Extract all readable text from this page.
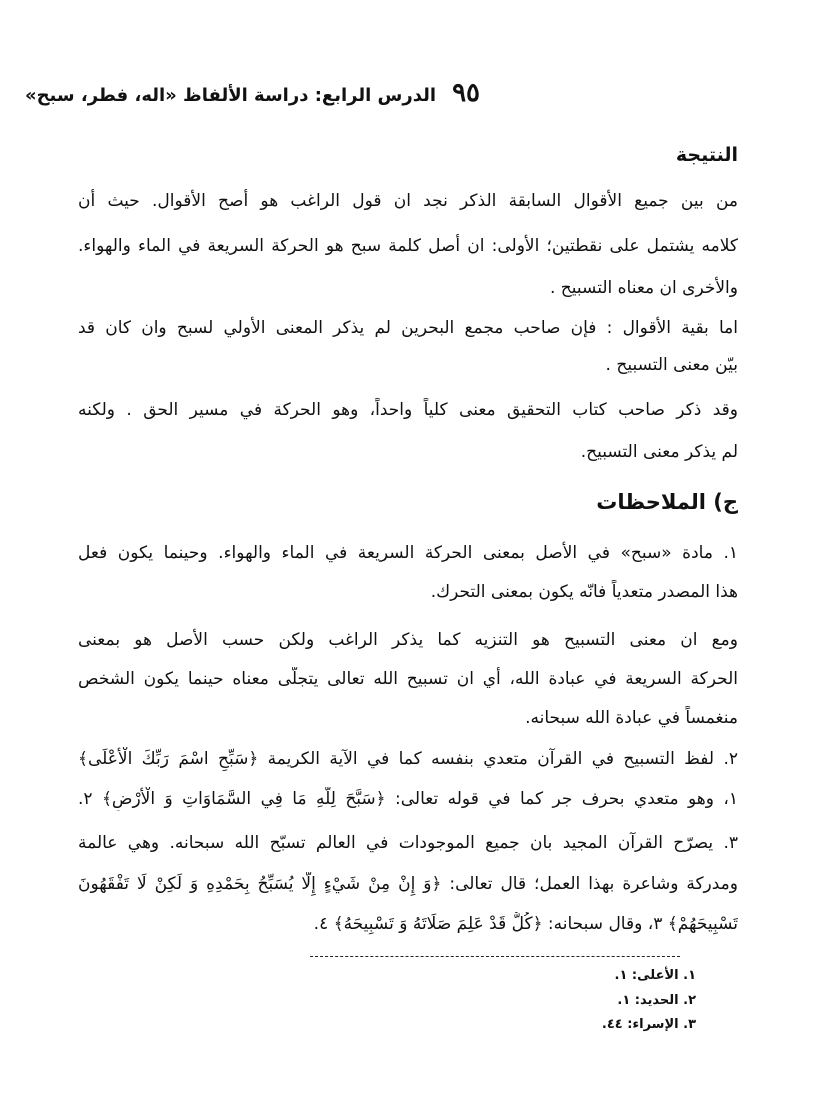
٩٥
الدرس الرابع: دراسة الألفاظ «اله، فطر، سبح»
النتيجة
من بين جميع الأقوال السابقة الذكر نجد ان قول الراغب هو أصح الأقوال. حيث أن
كلامه يشتمل على نقطتين؛ الأولى: ان أصل كلمة سبح هو الحركة السريعة في الماء والهواء.
والأخرى ان معناه التسبيح .
اما بقية الأقوال : فإن صاحب مجمع البحرين لم يذكر المعنى الأولي لسبح وان كان قد
بيّن معنى التسبيح .
وقد ذكر صاحب كتاب التحقيق معنى كلياً واحداً، وهو الحركة في مسير الحق . ولكنه
لم يذكر معنى التسبيح.
ج) الملاحظات
١. مادة «سبح» في الأصل بمعنى الحركة السريعة في الماء والهواء. وحينما يكون فعل
هذا المصدر متعدياً فانّه يكون بمعنى التحرك.
ومع ان معنى التسبيح هو التنزيه كما يذكر الراغب ولكن حسب الأصل هو بمعنى
الحركة السريعة في عبادة الله، أي ان تسبيح الله تعالى يتجلّى معناه حينما يكون الشخص
منغمساً في عبادة الله سبحانه.
٢. لفظ التسبيح في القرآن متعدي بنفسه كما في الآية الكريمة ﴿سَبِّحِ اسْمَ رَبِّكَ الْأَعْلَى﴾
١، وهو متعدي بحرف جر كما في قوله تعالى: ﴿سَبَّحَ لِلَّهِ مَا فِي السَّمَاوَاتِ وَ الْأَرْضِ﴾ ٢.
٣. يصرّح القرآن المجيد بان جميع الموجودات في العالم تسبّح الله سبحانه. وهي عالمة
ومدركة وشاعرة بهذا العمل؛ قال تعالى: ﴿وَ إِنْ مِنْ شَيْءٍ إِلَّا يُسَبِّحُ بِحَمْدِهِ وَ لَكِنْ لَا تَفْقَهُونَ
تَسْبِيحَهُمْ﴾ ٣، وقال سبحانه: ﴿كُلٌّ قَدْ عَلِمَ صَلَاتَهُ وَ تَسْبِيحَهُ﴾ ٤.
١. الأعلى: ١.
٢. الحديد: ١.
٣. الإسراء: ٤٤.
